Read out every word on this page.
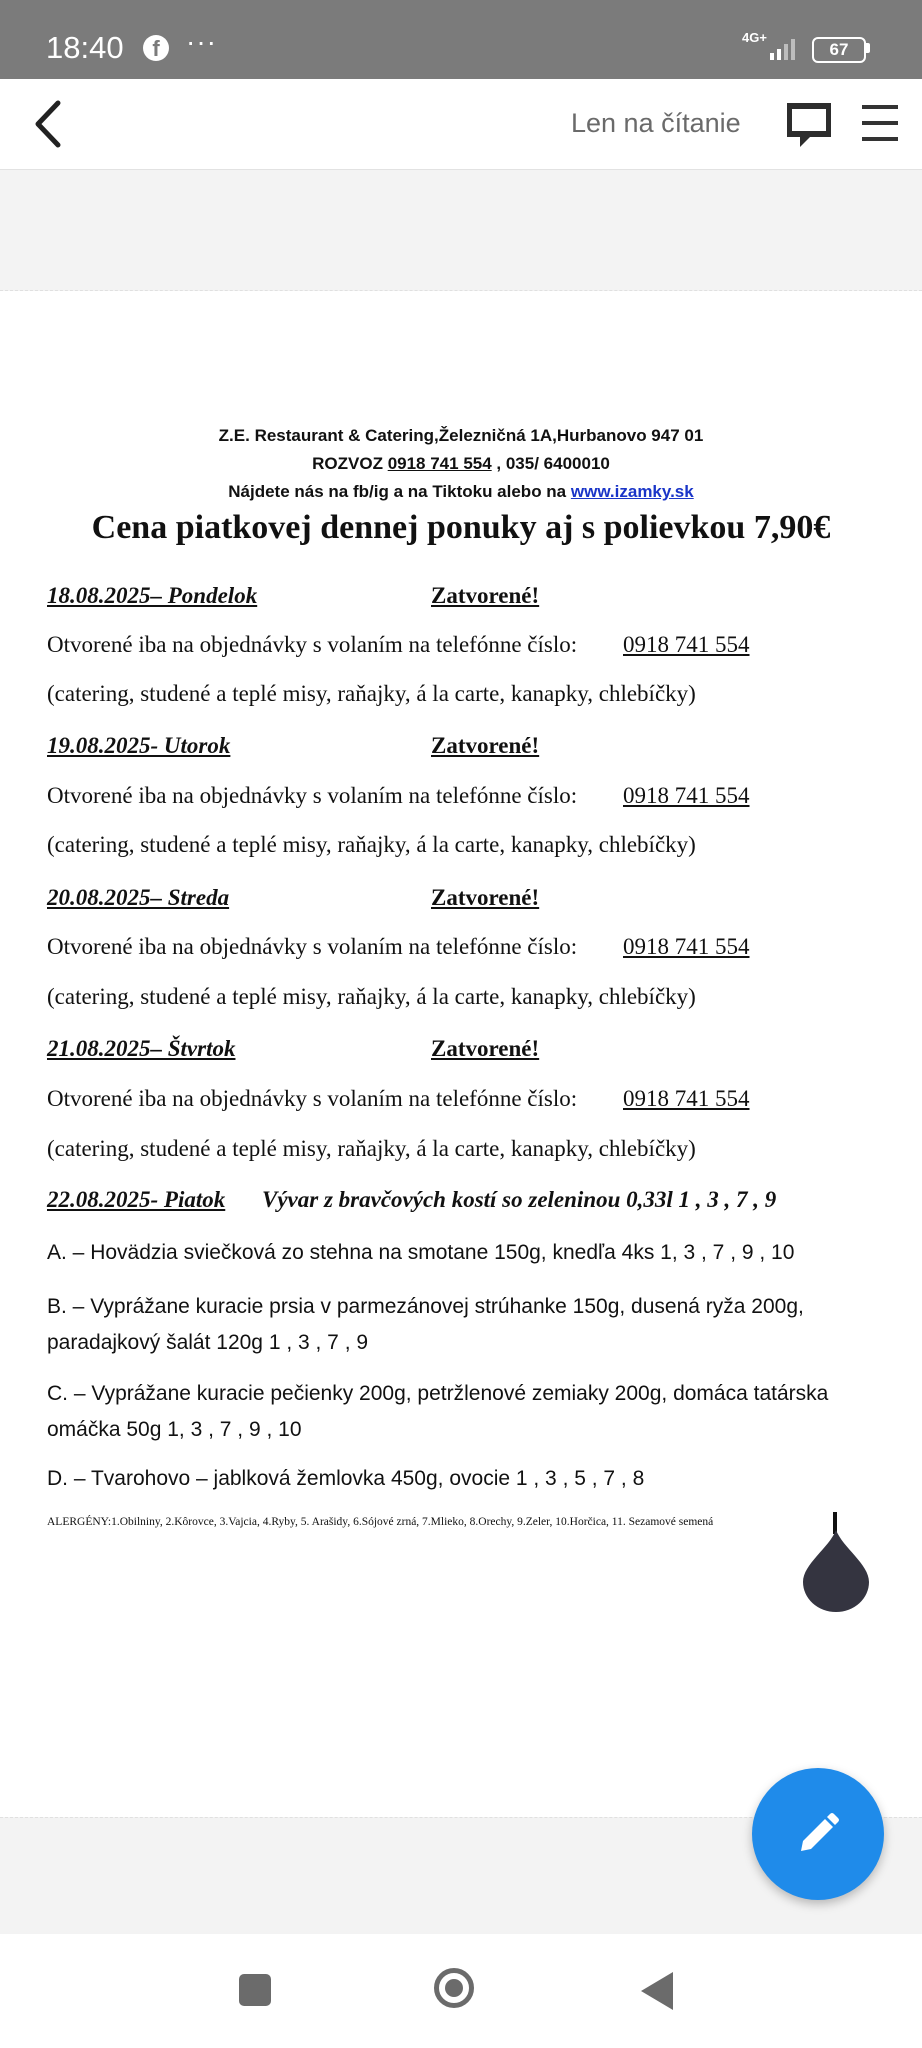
18:40	f ···	4G+
67
Len na čítanie
Z.E. Restaurant & Catering,Železničná 1A,Hurbanovo 947 01
ROZVOZ 0918 741 554 , 035/ 6400010
Nájdete nás na fb/ig a na Tiktoku alebo na www.izamky.sk
Cena piatkovej dennej ponuky aj s polievkou 7,90€
18.08.2025– Pondelok	Zatvorené!
Otvorené iba na objednávky s volaním na telefónne číslo: 0918 741 554
(catering, studené a teplé misy, raňajky, á la carte, kanapky, chlebíčky)
19.08.2025- Utorok	Zatvorené!
Otvorené iba na objednávky s volaním na telefónne číslo: 0918 741 554
(catering, studené a teplé misy, raňajky, á la carte, kanapky, chlebíčky)
20.08.2025– Streda	Zatvorené!
Otvorené iba na objednávky s volaním na telefónne číslo: 0918 741 554
(catering, studené a teplé misy, raňajky, á la carte, kanapky, chlebíčky)
21.08.2025– Štvrtok	Zatvorené!
Otvorené iba na objednávky s volaním na telefónne číslo: 0918 741 554
(catering, studené a teplé misy, raňajky, á la carte, kanapky, chlebíčky)
22.08.2025- Piatok Vývar z bravčových kostí so zeleninou 0,33l 1 , 3 , 7 , 9
A. – Hovädzia sviečková zo stehna na smotane 150g, knedľa 4ks 1, 3 , 7 , 9 , 10
B. – Vyprážane kuracie prsia v parmezánovej strúhanke 150g, dusená ryža 200g, paradajkový šalát 120g 1 , 3 , 7 , 9
C. – Vyprážane kuracie pečienky 200g, petržlenové zemiaky 200g, domáca tatárska omáčka 50g 1, 3 , 7 , 9 , 10
D. – Tvarohovo – jablková žemlovka 450g, ovocie 1 , 3 , 5 , 7 , 8
ALERGÉNY:1.Obilniny, 2.Kôrovce, 3.Vajcia, 4.Ryby, 5. Arašidy, 6.Sójové zrná, 7.Mlieko, 8.Orechy, 9.Zeler, 10.Horčica, 11. Sezamové semená
